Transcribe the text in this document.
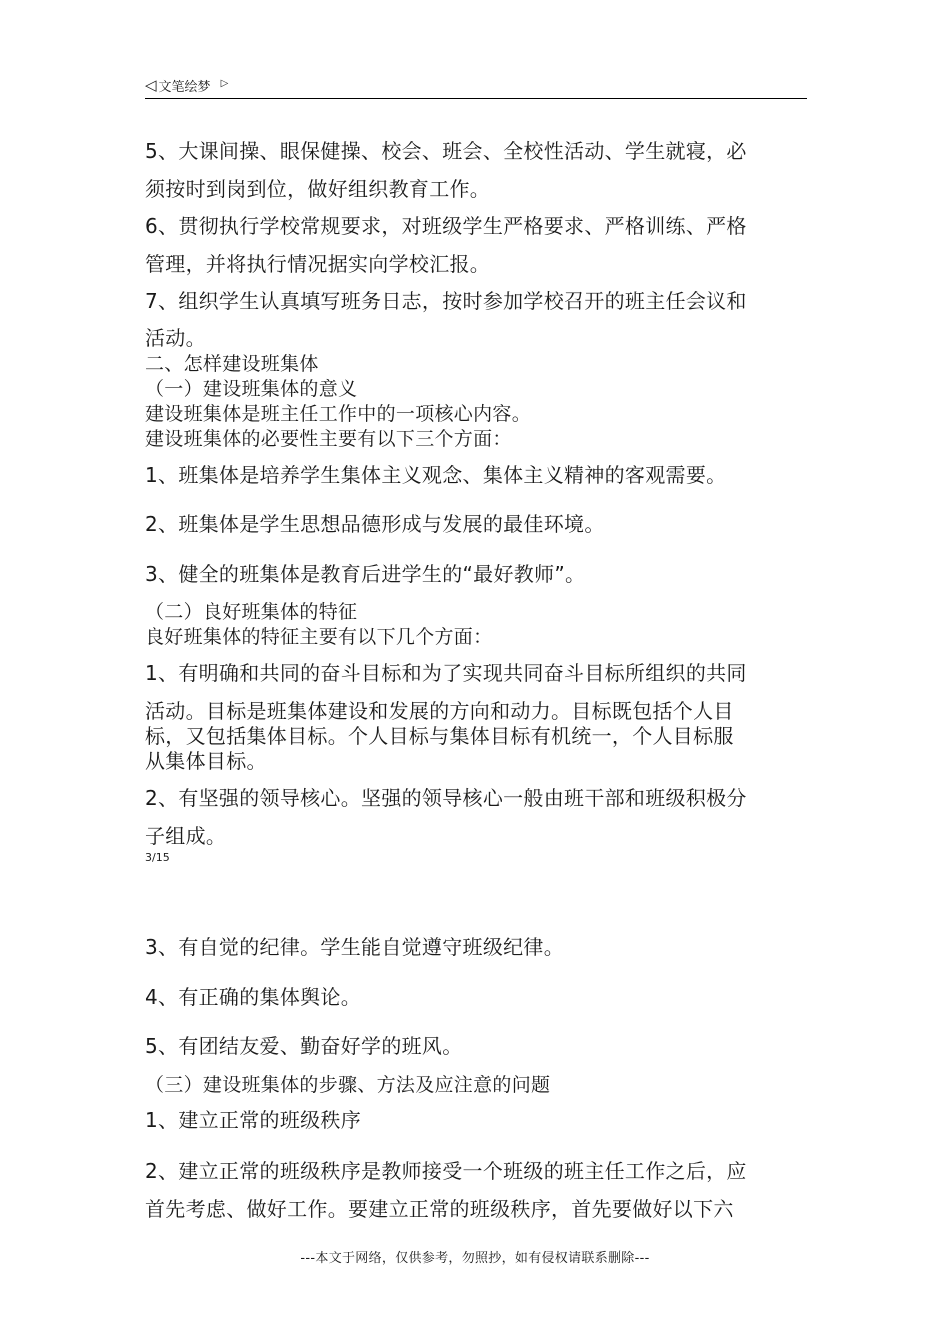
◁ 文笔绘梦 ▷
5、大课间操、眼保健操、校会、班会、全校性活动、学生就寝，必
须按时到岗到位，做好组织教育工作。
6、贯彻执行学校常规要求，对班级学生严格要求、严格训练、严格
管理，并将执行情况据实向学校汇报。
7、组织学生认真填写班务日志，按时参加学校召开的班主任会议和
活动。
二、怎样建设班集体
（一）建设班集体的意义
建设班集体是班主任工作中的一项核心内容。
建设班集体的必要性主要有以下三个方面：
1、班集体是培养学生集体主义观念、集体主义精神的客观需要。
2、班集体是学生思想品德形成与发展的最佳环境。
3、健全的班集体是教育后进学生的“最好教师”。
（二）良好班集体的特征
良好班集体的特征主要有以下几个方面：
1、有明确和共同的奋斗目标和为了实现共同奋斗目标所组织的共同
活动。目标是班集体建设和发展的方向和动力。目标既包括个人目
标，又包括集体目标。个人目标与集体目标有机统一，个人目标服
从集体目标。
2、有坚强的领导核心。坚强的领导核心一般由班干部和班级积极分
子组成。
3/15
3、有自觉的纪律。学生能自觉遵守班级纪律。
4、有正确的集体舆论。
5、有团结友爱、勤奋好学的班风。
（三）建设班集体的步骤、方法及应注意的问题
1、建立正常的班级秩序
2、建立正常的班级秩序是教师接受一个班级的班主任工作之后，应
首先考虑、做好工作。要建立正常的班级秩序，首先要做好以下六
---本文于网络，仅供参考，勿照抄，如有侵权请联系删除---
